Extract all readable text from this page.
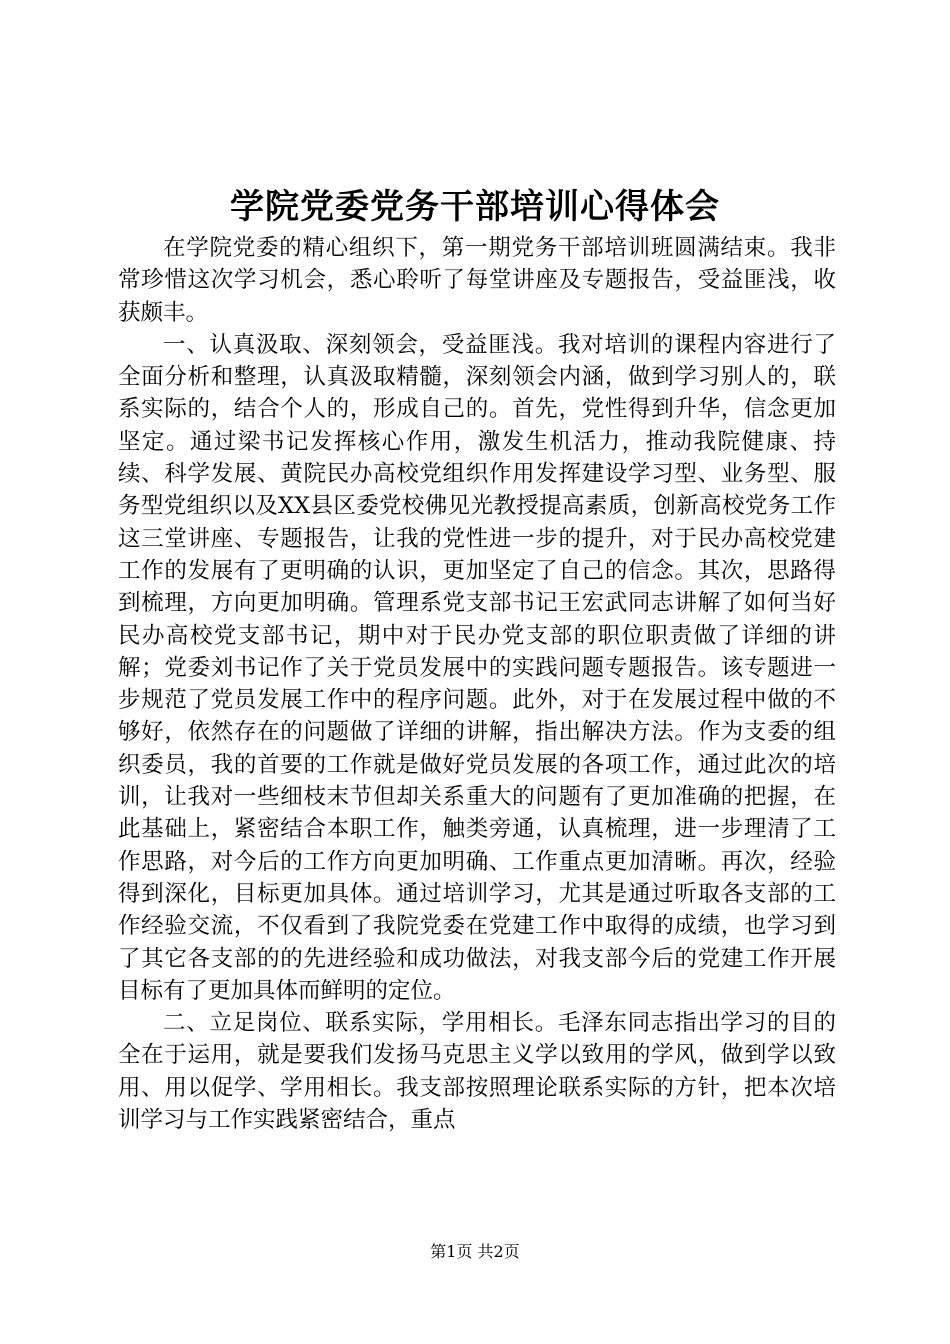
学院党委党务干部培训心得体会

在学院党委的精心组织下，第一期党务干部培训班圆满结束。我非常珍惜这次学习机会，悉心聆听了每堂讲座及专题报告，受益匪浅，收获颇丰。

一、认真汲取、深刻领会，受益匪浅。我对培训的课程内容进行了全面分析和整理，认真汲取精髓，深刻领会内涵，做到学习别人的，联系实际的，结合个人的，形成自己的。首先，党性得到升华，信念更加坚定。通过梁书记发挥核心作用，激发生机活力，推动我院健康、持续、科学发展、黄院民办高校党组织作用发挥建设学习型、业务型、服务型党组织以及XX县区委党校佛见光教授提高素质，创新高校党务工作这三堂讲座、专题报告，让我的党性进一步的提升，对于民办高校党建工作的发展有了更明确的认识，更加坚定了自己的信念。其次，思路得到梳理，方向更加明确。管理系党支部书记王宏武同志讲解了如何当好民办高校党支部书记，期中对于民办党支部的职位职责做了详细的讲解；党委刘书记作了关于党员发展中的实践问题专题报告。该专题进一步规范了党员发展工作中的程序问题。此外，对于在发展过程中做的不够好，依然存在的问题做了详细的讲解，指出解决方法。作为支委的组织委员，我的首要的工作就是做好党员发展的各项工作，通过此次的培训，让我对一些细枝末节但却关系重大的问题有了更加准确的把握，在此基础上，紧密结合本职工作，触类旁通，认真梳理，进一步理清了工作思路，对今后的工作方向更加明确、工作重点更加清晰。再次，经验得到深化，目标更加具体。通过培训学习，尤其是通过听取各支部的工作经验交流，不仅看到了我院党委在党建工作中取得的成绩，也学习到了其它各支部的的先进经验和成功做法，对我支部今后的党建工作开展目标有了更加具体而鲜明的定位。

二、立足岗位、联系实际，学用相长。毛泽东同志指出学习的目的全在于运用，就是要我们发扬马克思主义学以致用的学风，做到学以致用、用以促学、学用相长。我支部按照理论联系实际的方针，把本次培训学习与工作实践紧密结合，重点

第1页 共2页
